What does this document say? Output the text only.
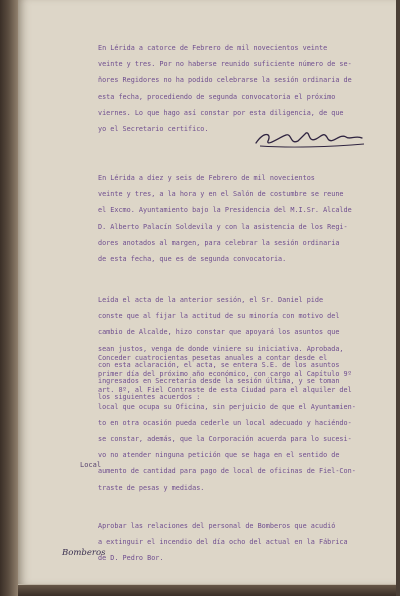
En Lérida a catorce de Febrero de mil novecientos veinte
veinte y tres. Por no haberse reunido suficiente número de se-
ñores Regidores no ha podido celebrarse la sesión ordinaria de
esta fecha, procediendo de segunda convocatoria el próximo
viernes. Lo que hago así constar por esta diligencia, de que
yo el Secretario certifico.
En Lérida a diez y seis de Febrero de mil novecientos
veinte y tres, a la hora y en el Salón de costumbre se reune
el Excmo. Ayuntamiento bajo la Presidencia del M.I.Sr. Alcalde
D. Alberto Palacín Soldevila y con la asistencia de los Regi-
dores anotados al margen, para celebrar la sesión ordinaria
de esta fecha, que es de segunda convocatoria.
Leída el acta de la anterior sesión, el Sr. Daniel pide
conste que al fijar la actitud de su minoría con motivo del
cambio de Alcalde, hizo constar que apoyará los asuntos que
sean justos, venga de donde viniere su iniciativa. Aprobada,
con esta aclaración, el acta, se entera S.E. de los asuntos
ingresados en Secretaría desde la sesión última, y se toman
los siguientes acuerdos :
Conceder cuatrocientas pesetas anuales a contar desde el
primer día del próximo año económico, con cargo al Capítulo 9º
art. 8º, al Fiel Contraste de esta Ciudad para el alquiler del
local que ocupa su Oficina, sin perjuicio de que el Ayuntamien-
to en otra ocasión pueda cederle un local adecuado y haciéndo-
se constar, además, que la Corporación acuerda para lo sucesi-
vo no atender ninguna petición que se haga en el sentido de
aumento de cantidad para pago de local de oficinas de Fiel-Con-
traste de pesas y medidas.
Aprobar las relaciones del personal de Bomberos que acudió
a extinguir el incendio del día ocho del actual en la Fábrica
de D. Pedro Bor.
Local
Bomberos
